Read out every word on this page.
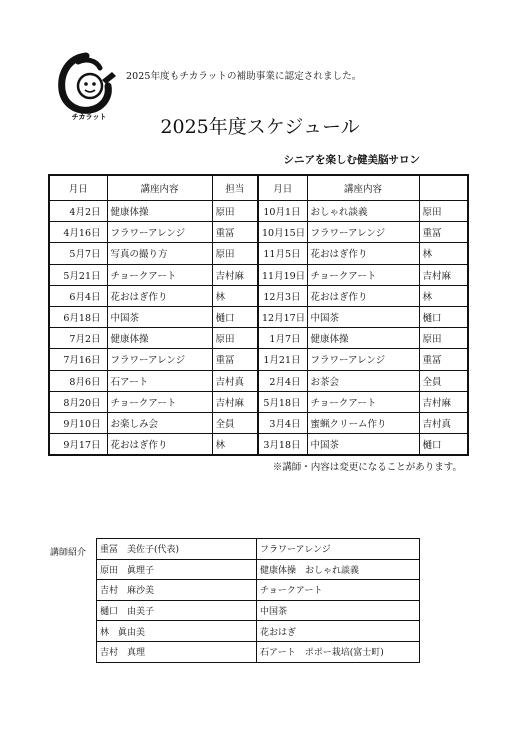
チカラット
2025年度もチカラットの補助事業に認定されました。
2025年度スケジュール
シニアを楽しむ健美脳サロン
月日	講座内容	担当	月日	講座内容	
4月2日	健康体操	原田	10月1日	おしゃれ談義	原田
4月16日	フラワーアレンジ	重冨	10月15日	フラワーアレンジ	重冨
5月7日	写真の撮り方	原田	11月5日	花おはぎ作り	林
5月21日	チョークアート	吉村麻	11月19日	チョークアート	吉村麻
6月4日	花おはぎ作り	林	12月3日	花おはぎ作り	林
6月18日	中国茶	樋口	12月17日	中国茶	樋口
7月2日	健康体操	原田	1月7日	健康体操	原田
7月16日	フラワーアレンジ	重冨	1月21日	フラワーアレンジ	重冨
8月6日	石アート	吉村真	2月4日	お茶会	全員
8月20日	チョークアート	吉村麻	5月18日	チョークアート	吉村麻
9月10日	お楽しみ会	全員	3月4日	蜜蝋クリーム作り	吉村真
9月17日	花おはぎ作り	林	3月18日	中国茶	樋口
※講師・内容は変更になることがあります。
講師紹介 重冨　美佐子(代表)	フラワーアレンジ
原田　眞理子	健康体操　おしゃれ談義
吉村　麻沙美	チョークアート
樋口　由美子	中国茶
林　眞由美	花おはぎ
吉村　真理	石アート　ポポー栽培(富士町)
